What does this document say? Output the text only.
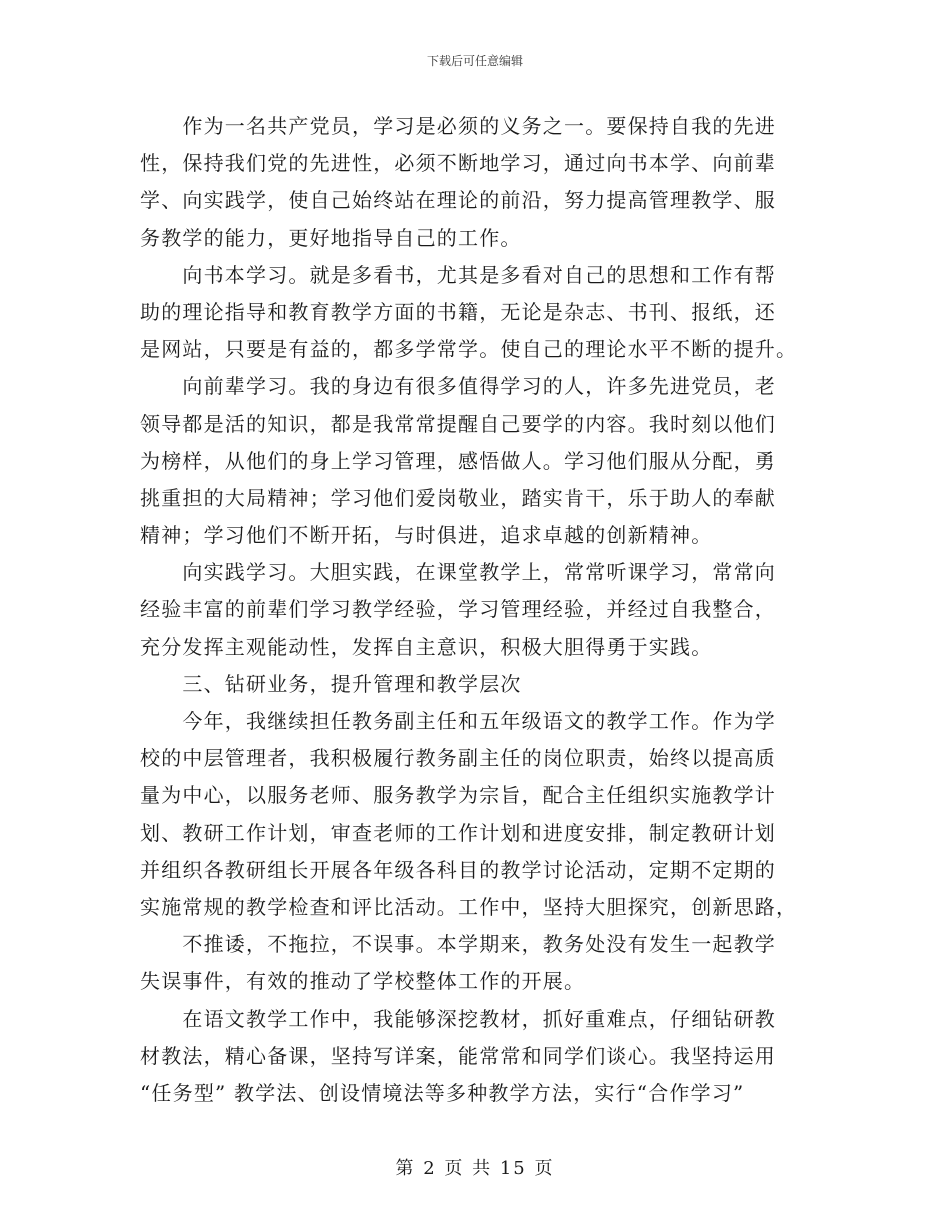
下载后可任意编辑
　　作为一名共产党员，学习是必须的义务之一。要保持自我的先进
性，保持我们党的先进性，必须不断地学习，通过向书本学、向前辈
学、向实践学，使自己始终站在理论的前沿，努力提高管理教学、服
务教学的能力，更好地指导自己的工作。
　　向书本学习。就是多看书，尤其是多看对自己的思想和工作有帮
助的理论指导和教育教学方面的书籍，无论是杂志、书刊、报纸，还
是网站，只要是有益的，都多学常学。使自己的理论水平不断的提升。
　　向前辈学习。我的身边有很多值得学习的人，许多先进党员，老
领导都是活的知识，都是我常常提醒自己要学的内容。我时刻以他们
为榜样，从他们的身上学习管理，感悟做人。学习他们服从分配，勇
挑重担的大局精神；学习他们爱岗敬业，踏实肯干，乐于助人的奉献
精神；学习他们不断开拓，与时俱进，追求卓越的创新精神。
　　向实践学习。大胆实践，在课堂教学上，常常听课学习，常常向
经验丰富的前辈们学习教学经验，学习管理经验，并经过自我整合，
充分发挥主观能动性，发挥自主意识，积极大胆得勇于实践。
　　三、钻研业务，提升管理和教学层次
　　今年，我继续担任教务副主任和五年级语文的教学工作。作为学
校的中层管理者，我积极履行教务副主任的岗位职责，始终以提高质
量为中心，以服务老师、服务教学为宗旨，配合主任组织实施教学计
划、教研工作计划，审查老师的工作计划和进度安排，制定教研计划
并组织各教研组长开展各年级各科目的教学讨论活动，定期不定期的
实施常规的教学检查和评比活动。工作中，坚持大胆探究，创新思路，
　　不推诿，不拖拉，不误事。本学期来，教务处没有发生一起教学
失误事件，有效的推动了学校整体工作的开展。
　　在语文教学工作中，我能够深挖教材，抓好重难点，仔细钻研教
材教法，精心备课，坚持写详案，能常常和同学们谈心。我坚持运用
“任务型” 教学法、创设情境法等多种教学方法，实行“合作学习”
第 2 页 共 15 页
